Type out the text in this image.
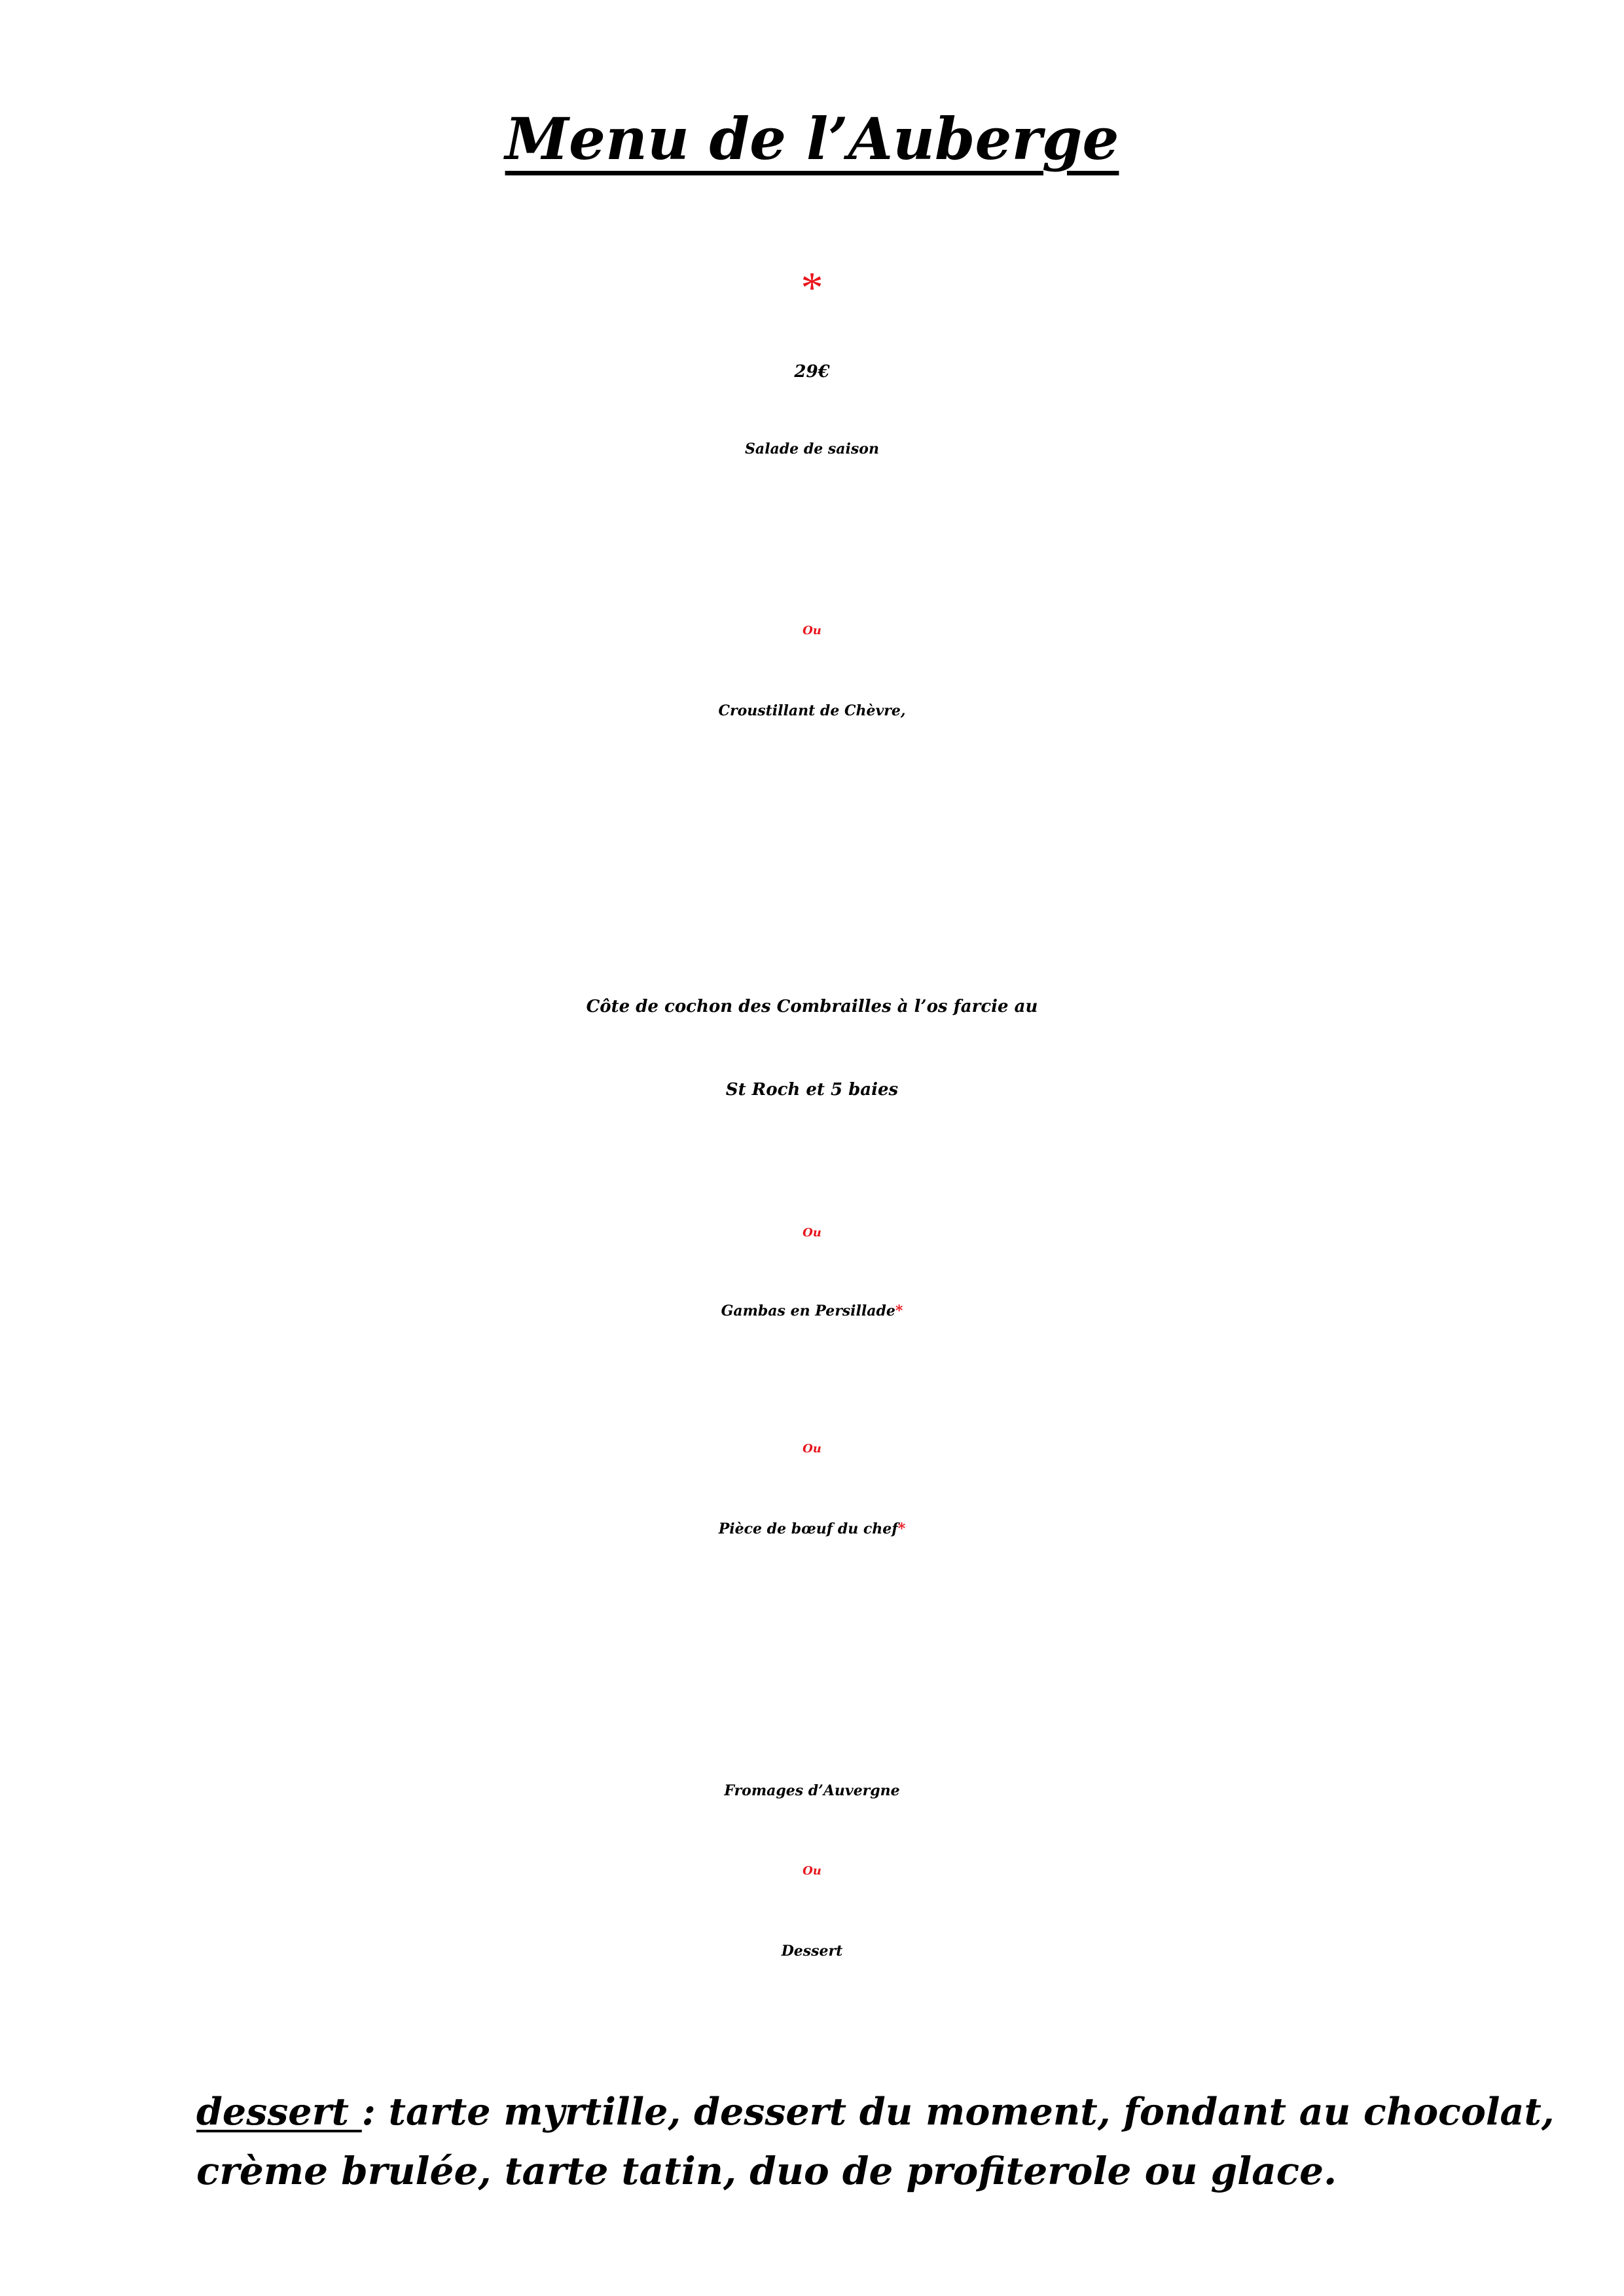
Menu de l’Auberge
*
29€
Salade de saison
Ou
Croustillant de Chèvre,
Côte de cochon des Combrailles à l’os farcie au
St Roch et 5 baies
Ou
Gambas en Persillade*
Ou
Pièce de bœuf du chef*
Fromages d’Auvergne
Ou
Dessert
dessert : tarte myrtille, dessert du moment, fondant au chocolat,
crème brulée, tarte tatin, duo de profiterole ou glace.
